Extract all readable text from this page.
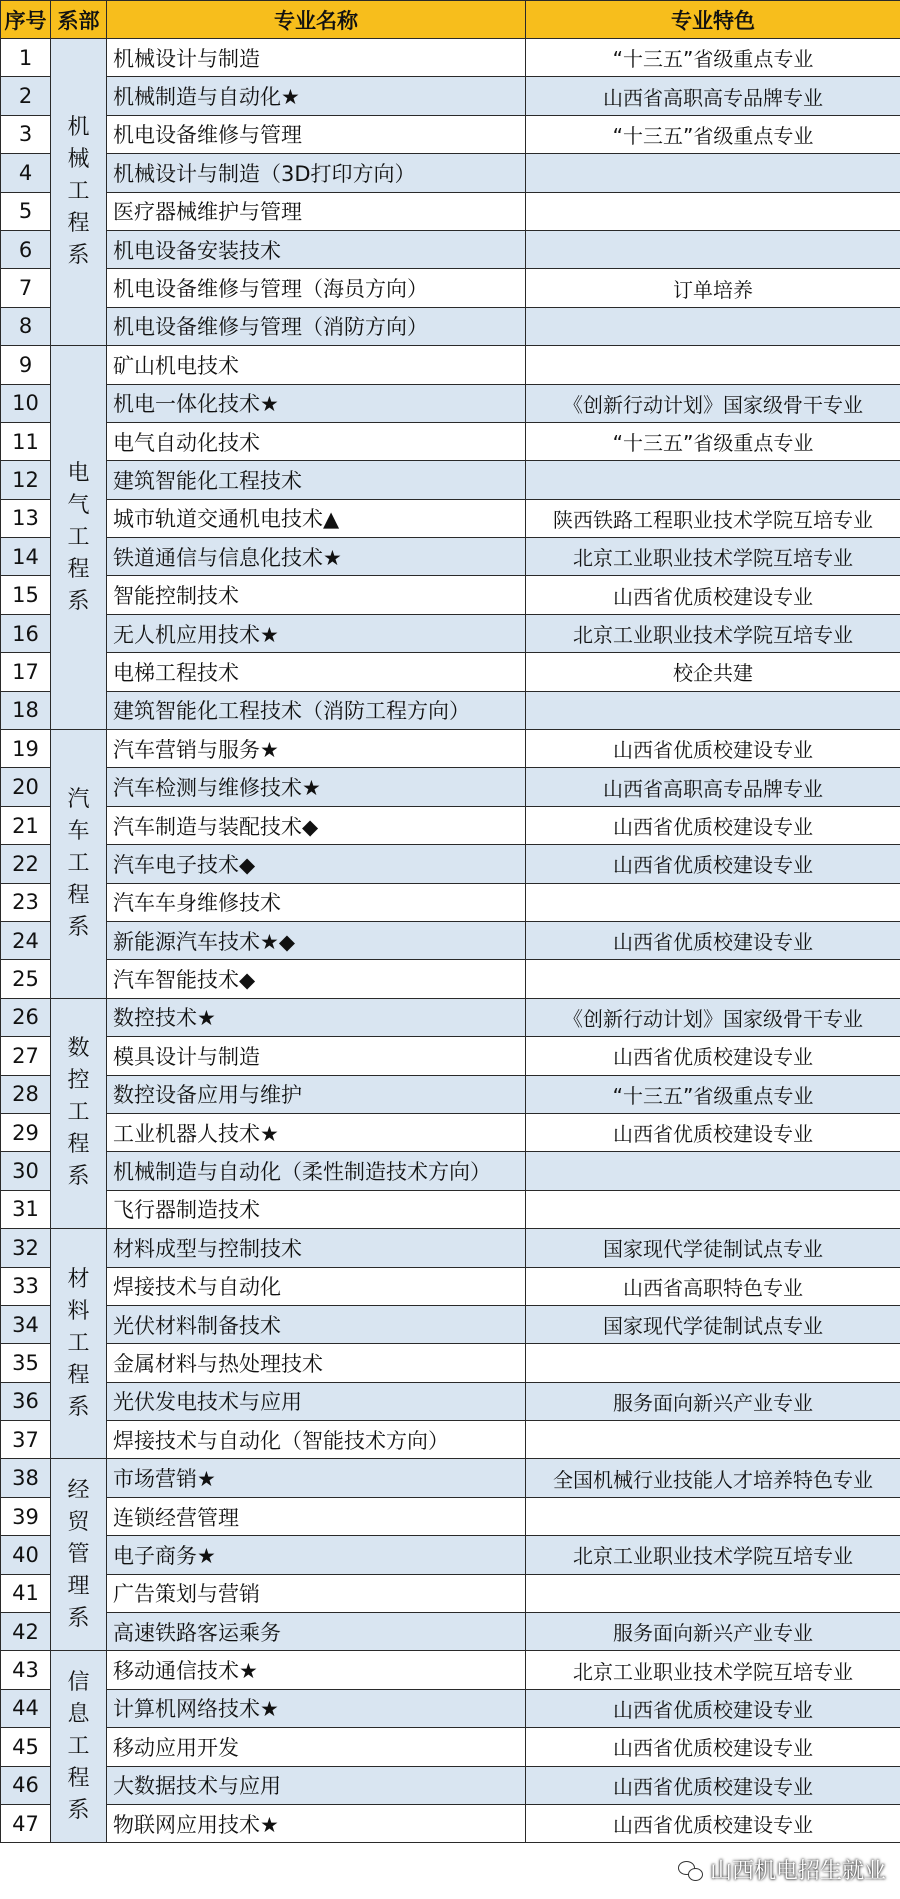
序号	系部	专业名称	专业特色
1	机械工程系	机械设计与制造	“十三五”省级重点专业
2		机械制造与自动化★	山西省高职高专品牌专业
3		机电设备维修与管理	“十三五”省级重点专业
4		机械设计与制造（3D打印方向）	
5		医疗器械维护与管理	
6		机电设备安装技术	
7		机电设备维修与管理（海员方向）	订单培养
8		机电设备维修与管理（消防方向）	
9	电气工程系	矿山机电技术	
10		机电一体化技术★	《创新行动计划》国家级骨干专业
11		电气自动化技术	“十三五”省级重点专业
12		建筑智能化工程技术	
13		城市轨道交通机电技术▲	陕西铁路工程职业技术学院互培专业
14		铁道通信与信息化技术★	北京工业职业技术学院互培专业
15		智能控制技术	山西省优质校建设专业
16		无人机应用技术★	北京工业职业技术学院互培专业
17		电梯工程技术	校企共建
18		建筑智能化工程技术（消防工程方向）	
19	汽车工程系	汽车营销与服务★	山西省优质校建设专业
20		汽车检测与维修技术★	山西省高职高专品牌专业
21		汽车制造与装配技术◆	山西省优质校建设专业
22		汽车电子技术◆	山西省优质校建设专业
23		汽车车身维修技术	
24		新能源汽车技术★◆	山西省优质校建设专业
25		汽车智能技术◆	
26	数控工程系	数控技术★	《创新行动计划》国家级骨干专业
27		模具设计与制造	山西省优质校建设专业
28		数控设备应用与维护	“十三五”省级重点专业
29		工业机器人技术★	山西省优质校建设专业
30		机械制造与自动化（柔性制造技术方向）	
31		飞行器制造技术	
32	材料工程系	材料成型与控制技术	国家现代学徒制试点专业
33		焊接技术与自动化	山西省高职特色专业
34		光伏材料制备技术	国家现代学徒制试点专业
35		金属材料与热处理技术	
36		光伏发电技术与应用	服务面向新兴产业专业
37		焊接技术与自动化（智能技术方向）	
38	经贸管理系	市场营销★	全国机械行业技能人才培养特色专业
39		连锁经营管理	
40		电子商务★	北京工业职业技术学院互培专业
41		广告策划与营销	
42		高速铁路客运乘务	服务面向新兴产业专业
43	信息工程系	移动通信技术★	北京工业职业技术学院互培专业
44		计算机网络技术★	山西省优质校建设专业
45		移动应用开发	山西省优质校建设专业
46		大数据技术与应用	山西省优质校建设专业
47		物联网应用技术★	山西省优质校建设专业
山西机电招生就业
